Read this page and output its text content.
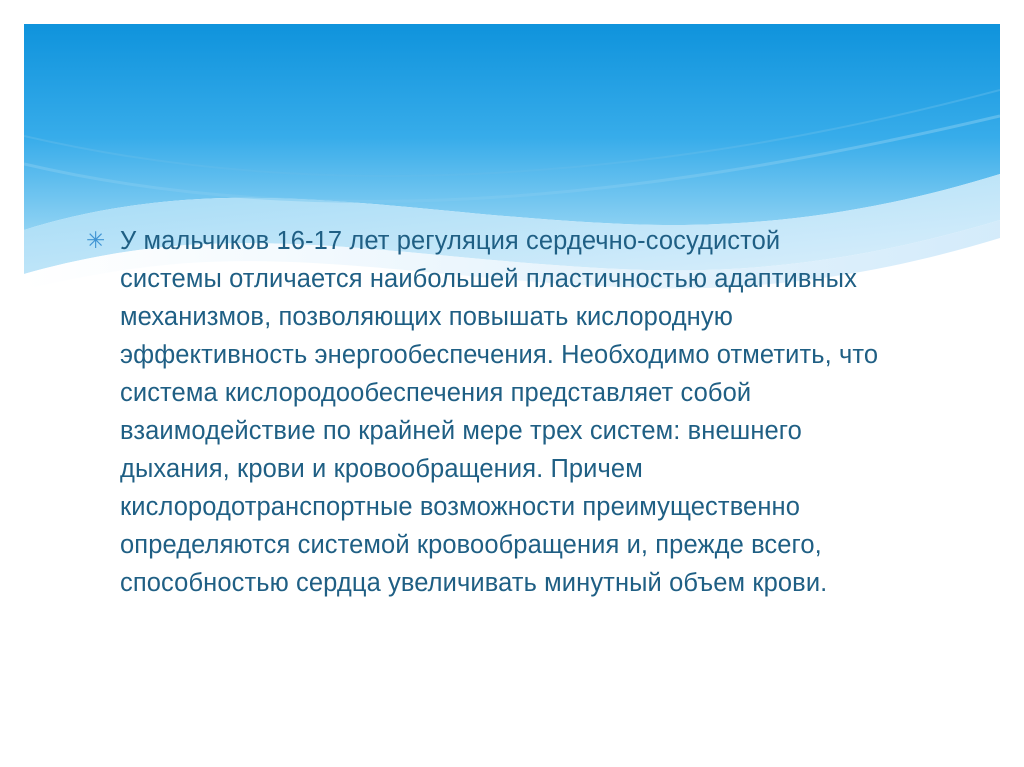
✳ У мальчиков 16-17 лет регуляция сердечно-сосудистой системы отличается наибольшей пластичностью адаптивных механизмов, позволяющих повышать кислородную эффективность энергообеспечения. Необходимо отметить, что система кислородообеспечения представляет собой взаимодействие по крайней мере трех систем: внешнего дыхания, крови и кровообращения. Причем кислородотранспортные возможности преимущественно определяются системой кровообращения и, прежде всего, способностью сердца увеличивать минутный объем крови.
